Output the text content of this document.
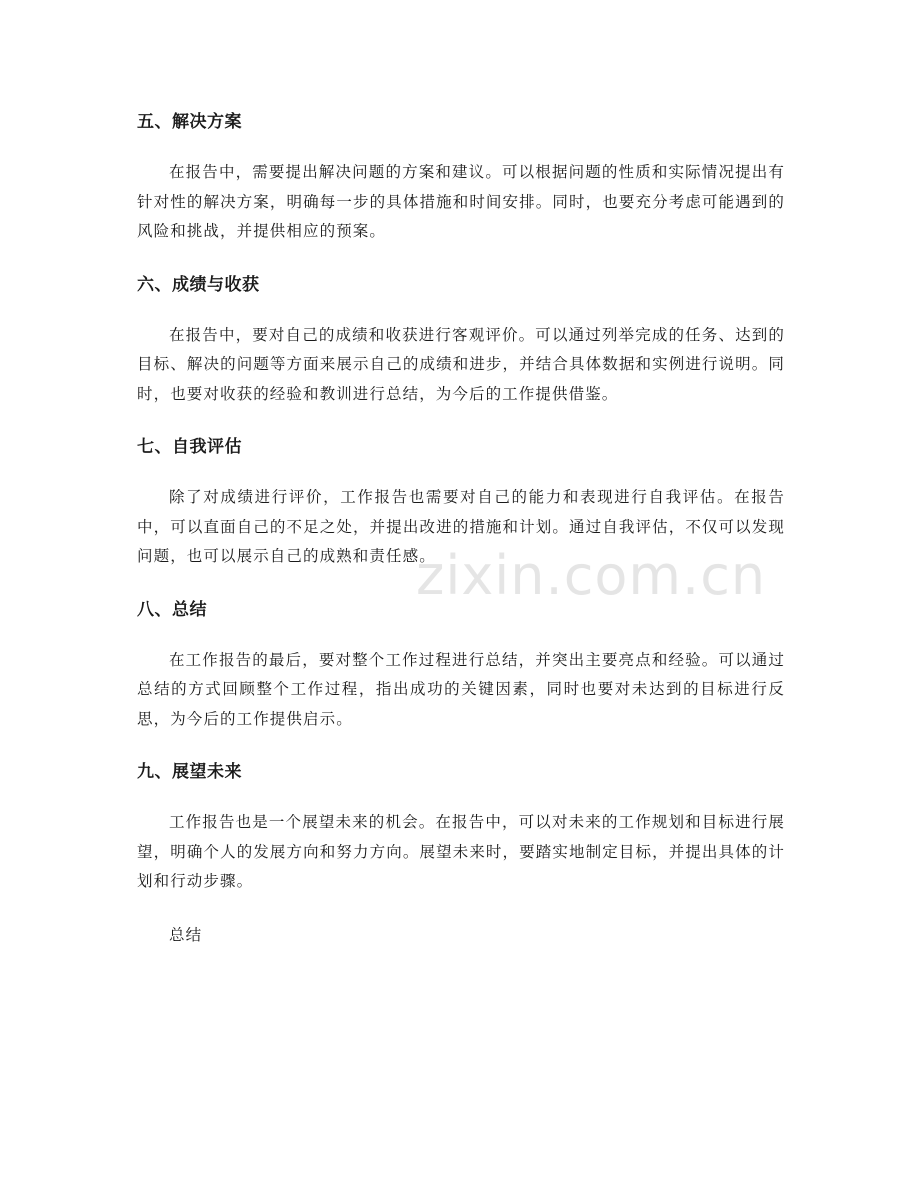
五、解决方案

在报告中，需要提出解决问题的方案和建议。可以根据问题的性质和实际情况提出有针对性的解决方案，明确每一步的具体措施和时间安排。同时，也要充分考虑可能遇到的风险和挑战，并提供相应的预案。

六、成绩与收获

在报告中，要对自己的成绩和收获进行客观评价。可以通过列举完成的任务、达到的目标、解决的问题等方面来展示自己的成绩和进步，并结合具体数据和实例进行说明。同时，也要对收获的经验和教训进行总结，为今后的工作提供借鉴。

七、自我评估

除了对成绩进行评价，工作报告也需要对自己的能力和表现进行自我评估。在报告中，可以直面自己的不足之处，并提出改进的措施和计划。通过自我评估，不仅可以发现问题，也可以展示自己的成熟和责任感。

八、总结

在工作报告的最后，要对整个工作过程进行总结，并突出主要亮点和经验。可以通过总结的方式回顾整个工作过程，指出成功的关键因素，同时也要对未达到的目标进行反思，为今后的工作提供启示。

九、展望未来

工作报告也是一个展望未来的机会。在报告中，可以对未来的工作规划和目标进行展望，明确个人的发展方向和努力方向。展望未来时，要踏实地制定目标，并提出具体的计划和行动步骤。

总结

zixin.com.cn
